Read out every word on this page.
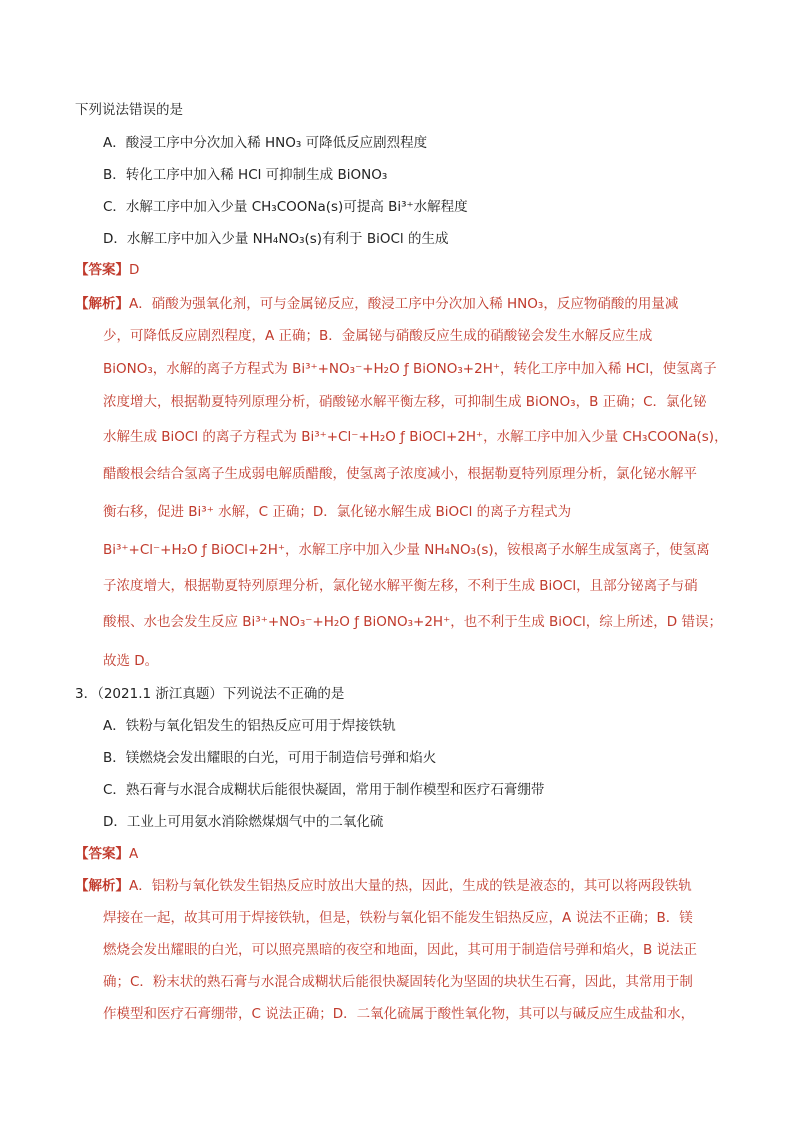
下列说法错误的是
A．酸浸工序中分次加入稀 HNO₃ 可降低反应剧烈程度
B．转化工序中加入稀 HCl 可抑制生成 BiONO₃
C．水解工序中加入少量 CH₃COONa(s)可提高 Bi³⁺水解程度
D．水解工序中加入少量 NH₄NO₃(s)有利于 BiOCl 的生成
【答案】D
【解析】A．硝酸为强氧化剂，可与金属铋反应，酸浸工序中分次加入稀 HNO₃，反应物硝酸的用量减
少，可降低反应剧烈程度，A 正确；B．金属铋与硝酸反应生成的硝酸铋会发生水解反应生成
BiONO₃，水解的离子方程式为 Bi³⁺+NO₃⁻+H₂O ƒ BiONO₃+2H⁺，转化工序中加入稀 HCl，使氢离子
浓度增大，根据勒夏特列原理分析，硝酸铋水解平衡左移，可抑制生成 BiONO₃，B 正确；C．氯化铋
水解生成 BiOCl 的离子方程式为 Bi³⁺+Cl⁻+H₂O ƒ BiOCl+2H⁺，水解工序中加入少量 CH₃COONa(s)，
醋酸根会结合氢离子生成弱电解质醋酸，使氢离子浓度减小，根据勒夏特列原理分析，氯化铋水解平
衡右移，促进 Bi³⁺ 水解，C 正确；D．氯化铋水解生成 BiOCl 的离子方程式为
Bi³⁺+Cl⁻+H₂O ƒ BiOCl+2H⁺，水解工序中加入少量 NH₄NO₃(s)，铵根离子水解生成氢离子，使氢离
子浓度增大，根据勒夏特列原理分析，氯化铋水解平衡左移，不利于生成 BiOCl，且部分铋离子与硝
酸根、水也会发生反应 Bi³⁺+NO₃⁻+H₂O ƒ BiONO₃+2H⁺，也不利于生成 BiOCl，综上所述，D 错误；
故选 D。
3．（2021.1 浙江真题）下列说法不正确的是
A．铁粉与氧化铝发生的铝热反应可用于焊接铁轨
B．镁燃烧会发出耀眼的白光，可用于制造信号弹和焰火
C．熟石膏与水混合成糊状后能很快凝固，常用于制作模型和医疗石膏绷带
D．工业上可用氨水消除燃煤烟气中的二氧化硫
【答案】A
【解析】A．铝粉与氧化铁发生铝热反应时放出大量的热，因此，生成的铁是液态的，其可以将两段铁轨
焊接在一起，故其可用于焊接铁轨，但是，铁粉与氧化铝不能发生铝热反应，A 说法不正确；B．镁
燃烧会发出耀眼的白光，可以照亮黑暗的夜空和地面，因此，其可用于制造信号弹和焰火，B 说法正
确；C．粉末状的熟石膏与水混合成糊状后能很快凝固转化为坚固的块状生石膏，因此，其常用于制
作模型和医疗石膏绷带，C 说法正确；D．二氧化硫属于酸性氧化物，其可以与碱反应生成盐和水，
